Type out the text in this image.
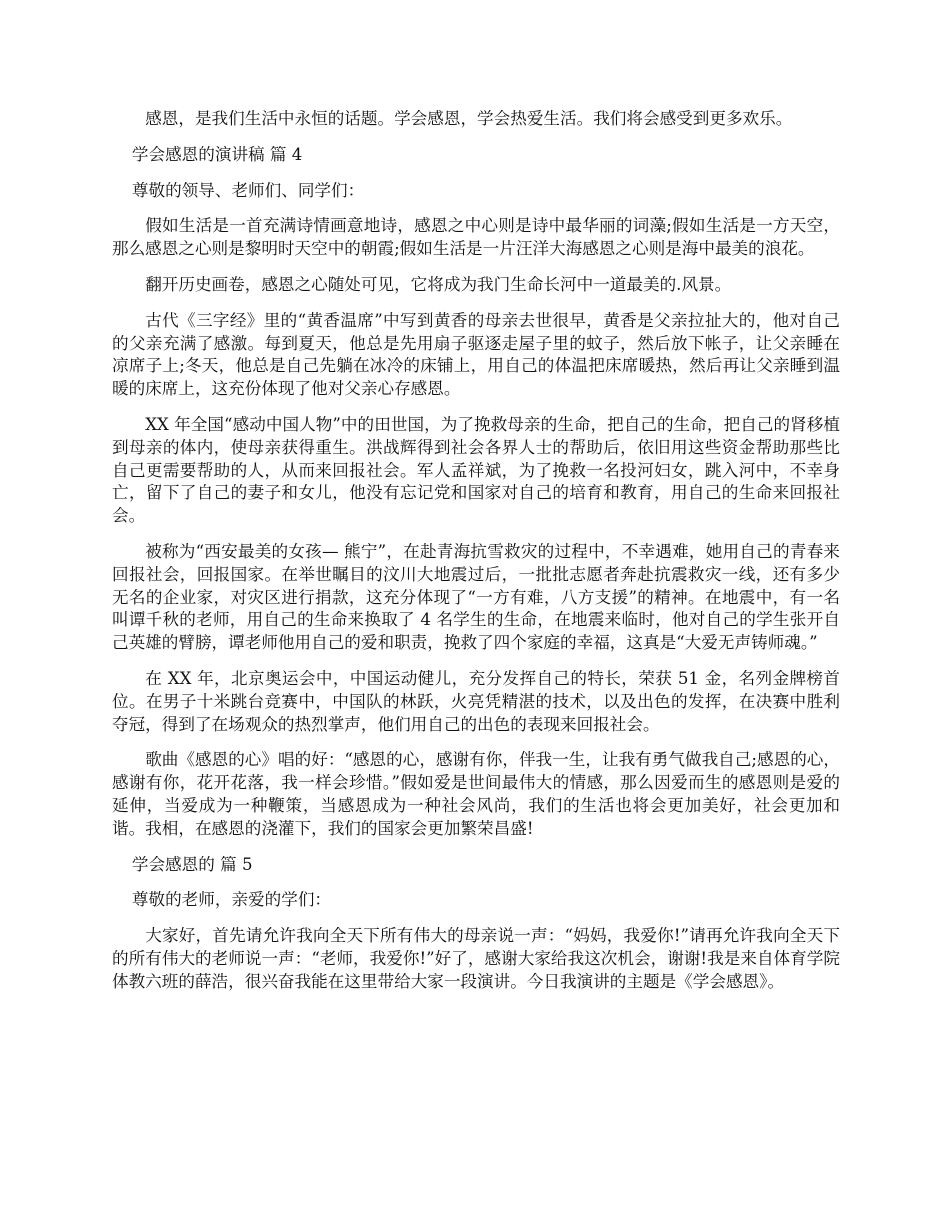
感恩，是我们生活中永恒的话题。学会感恩，学会热爱生活。我们将会感受到更多欢乐。

学会感恩的演讲稿 篇 4

尊敬的领导、老师们、同学们：

假如生活是一首充满诗情画意地诗，感恩之中心则是诗中最华丽的词藻;假如生活是一方天空，那么感恩之心则是黎明时天空中的朝霞;假如生活是一片汪洋大海感恩之心则是海中最美的浪花。

翻开历史画卷，感恩之心随处可见，它将成为我门生命长河中一道最美的.风景。

古代《三字经》里的“黄香温席”中写到黄香的母亲去世很早，黄香是父亲拉扯大的，他对自己的父亲充满了感激。每到夏天，他总是先用扇子驱逐走屋子里的蚊子，然后放下帐子，让父亲睡在凉席子上;冬天，他总是自己先躺在冰冷的床铺上，用自己的体温把床席暖热，然后再让父亲睡到温暖的床席上，这充份体现了他对父亲心存感恩。

XX 年全国“感动中国人物”中的田世国，为了挽救母亲的生命，把自己的生命，把自己的肾移植到母亲的体内，使母亲获得重生。洪战辉得到社会各界人士的帮助后，依旧用这些资金帮助那些比自己更需要帮助的人，从而来回报社会。军人孟祥斌，为了挽救一名投河妇女，跳入河中，不幸身亡，留下了自己的妻子和女儿，他没有忘记党和国家对自己的培育和教育，用自己的生命来回报社会。

被称为“西安最美的女孩— 熊宁”，在赴青海抗雪救灾的过程中，不幸遇难，她用自己的青春来回报社会，回报国家。在举世瞩目的汶川大地震过后，一批批志愿者奔赴抗震救灾一线，还有多少无名的企业家，对灾区进行捐款，这充分体现了“一方有难，八方支援”的精神。在地震中，有一名叫谭千秋的老师，用自己的生命来换取了 4 名学生的生命，在地震来临时，他对自己的学生张开自己英雄的臂膀，谭老师他用自己的爱和职责，挽救了四个家庭的幸福，这真是“大爱无声铸师魂。”

在 XX 年，北京奥运会中，中国运动健儿，充分发挥自己的特长，荣获 51 金，名列金牌榜首位。在男子十米跳台竞赛中，中国队的林跃，火亮凭精湛的技术，以及出色的发挥，在决赛中胜利夺冠，得到了在场观众的热烈掌声，他们用自己的出色的表现来回报社会。

歌曲《感恩的心》唱的好：“感恩的心，感谢有你，伴我一生，让我有勇气做我自己;感恩的心，感谢有你，花开花落，我一样会珍惜。”假如爱是世间最伟大的情感，那么因爱而生的感恩则是爱的延伸，当爱成为一种鞭策，当感恩成为一种社会风尚，我们的生活也将会更加美好，社会更加和谐。我相，在感恩的浇灌下，我们的国家会更加繁荣昌盛!

学会感恩的 篇 5

尊敬的老师，亲爱的学们：

大家好，首先请允许我向全天下所有伟大的母亲说一声：“妈妈，我爱你!”请再允许我向全天下的所有伟大的老师说一声：“老师，我爱你!”好了，感谢大家给我这次机会，谢谢!我是来自体育学院体教六班的薛浩，很兴奋我能在这里带给大家一段演讲。今日我演讲的主题是《学会感恩》。
